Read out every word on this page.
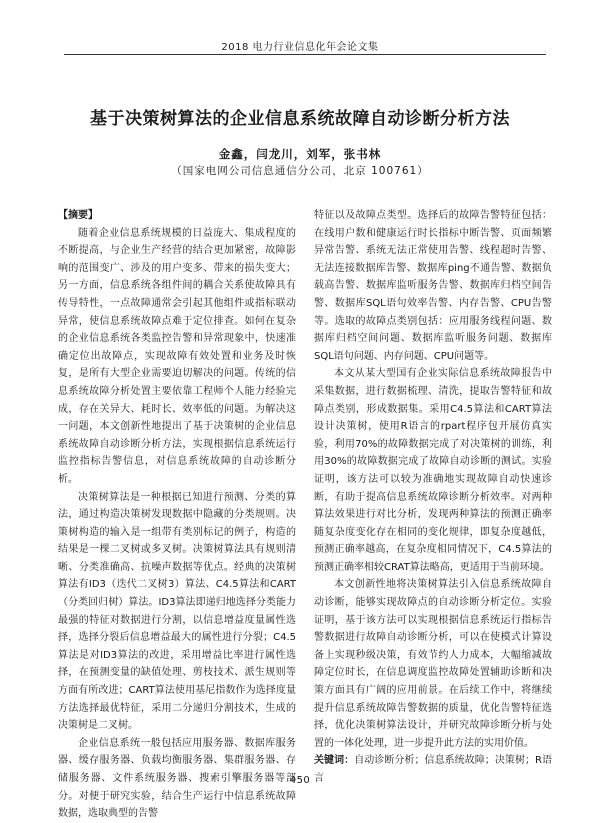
2018 电力行业信息化年会论文集
基于决策树算法的企业信息系统故障自动诊断分析方法
金鑫，闫龙川，刘军，张书林
（国家电网公司信息通信分公司，北京 100761）

【摘要】

随着企业信息系统规模的日益庞大、集成程度的不断提高，与企业生产经营的结合更加紧密，故障影响的范围变广、涉及的用户变多、带来的损失变大；另一方面，信息系统各组件间的耦合关系使故障具有传导特性，一点故障通常会引起其他组件或指标联动异常，使信息系统故障点难于定位排查。如何在复杂的企业信息系统各类监控告警和异常现象中，快速准确定位出故障点，实现故障有效处置和业务及时恢复，是所有大型企业需要迫切解决的问题。传统的信息系统故障分析处置主要依靠工程师个人能力经验完成，存在关异大、耗时长、效率低的问题。为解决这一问题，本文创新性地提出了基于决策树的企业信息系统故障自动诊断分析方法，实现根据信息系统运行监控指标告警信息，对信息系统故障的自动诊断分析。

决策树算法是一种根据已知进行预测、分类的算法，通过构造决策树发现数据中隐藏的分类规则。决策树构造的输入是一组带有类别标记的例子，构造的结果是一棵二叉树或多叉树。决策树算法具有规则清晰、分类准确高、抗噪声数据等优点。经典的决策树算法有ID3（迭代二叉树3）算法、C4.5算法和CART（分类回归树）算法。ID3算法即递归地选择分类能力最强的特征对数据进行分割，以信息增益度量属性选择，选择分裂后信息增益最大的属性进行分裂；C4.5算法是对ID3算法的改进，采用增益比率进行属性选择，在预测变量的缺值处理、剪枝技术、派生规则等方面有所改进；CART算法使用基尼指数作为选择度量方法选择最优特征，采用二分递归分割技术，生成的决策树是二叉树。

企业信息系统一般包括应用服务器、数据库服务器、缓存服务器、负载均衡服务器、集群服务器、存储服务器、文件系统服务器、搜索引擎服务器等部分。对便于研究实验，结合生产运行中信息系统故障数据，选取典型的告警

特征以及故障点类型。选择后的故障告警特征包括：在线用户数和健康运行时长指标中断告警、页面频繁异常告警、系统无法正常使用告警、线程超时告警、无法连接数据库告警、数据库ping不通告警、数据负载高告警、数据库监听服务告警、数据库归档空间告警、数据库SQL语句效率告警、内存告警、CPU告警等。选取的故障点类别包括：应用服务线程问题、数据库归档空间问题、数据库监听服务问题、数据库SQL语句问题、内存问题、CPU问题等。

本文从某大型国有企业实际信息系统故障报告中采集数据，进行数据梳理、清洗，提取告警特征和故障点类别，形成数据集。采用C4.5算法和CART算法设计决策树，使用R语言的rpart程序包开展仿真实验，利用70%的故障数据完成了对决策树的训练，利用30%的故障数据完成了故障自动诊断的测试。实验证明，该方法可以较为准确地实现故障自动快速诊断，有助于提高信息系统故障诊断分析效率。对两种算法效果进行对比分析，发现两种算法的预测正确率随复杂度变化存在相同的变化规律，即复杂度越低，预测正确率越高，在复杂度相同情况下，C4.5算法的预测正确率相较CRAT算法略高，更适用于当前环境。

本文创新性地将决策树算法引入信息系统故障自动诊断，能够实现故障点的自动诊断分析定位。实验证明，基于该方法可以实现根据信息系统运行指标告警数据进行故障自动诊断分析，可以在使模式计算设备上实现秒级决策，有效节约人力成本，大幅缩减故障定位时长，在信息调度监控故障处置辅助诊断和决策方面具有广阔的应用前景。在后续工作中，将继续提升信息系统故障告警数据的质量，优化告警特征选择，优化决策树算法设计，并研究故障诊断分析与处置的一体化处理，进一步提升此方法的实用价值。

关键词：自动诊断分析；信息系统故障；决策树；R语言

450
